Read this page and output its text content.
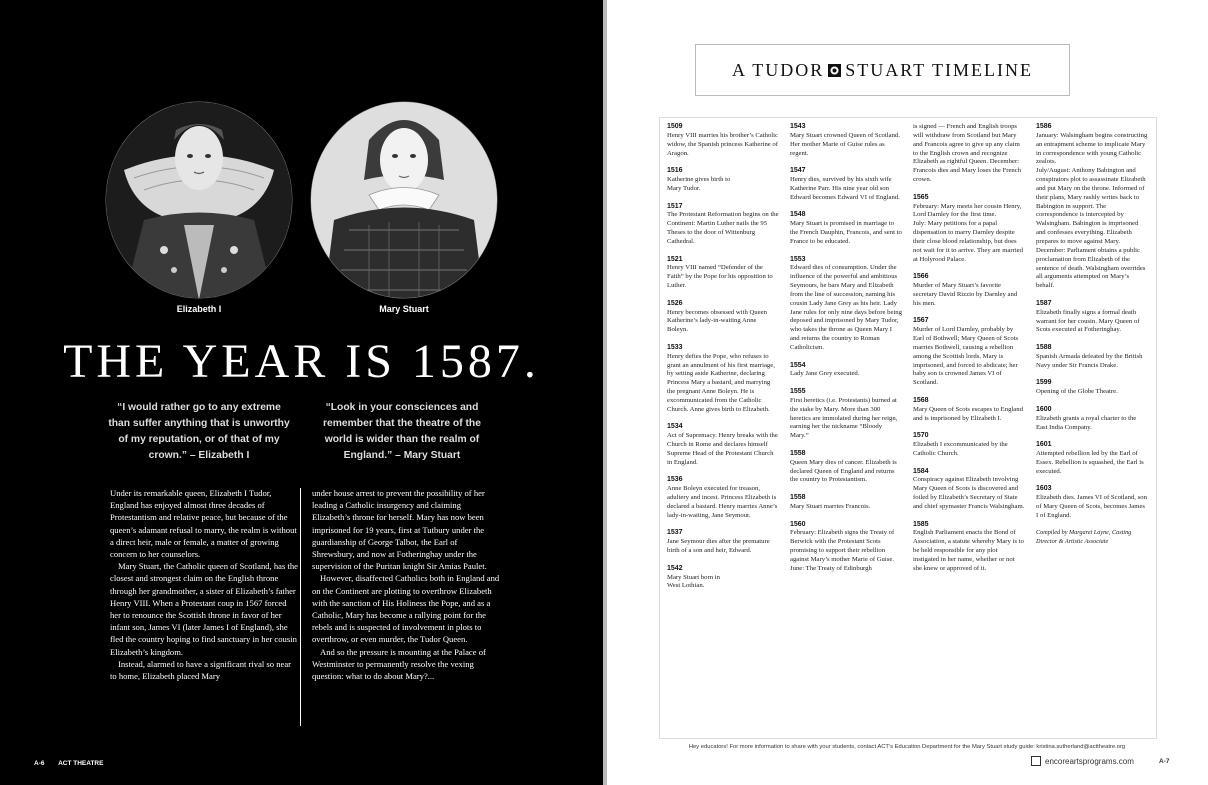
Elizabeth I	Mary Stuart
THE YEAR IS 1587.
“I would rather go to any extreme than suffer anything that is unworthy of my reputation, or of that of my crown.” – Elizabeth I
“Look in your consciences and remember that the theatre of the world is wider than the realm of England.” – Mary Stuart

Under its remarkable queen, Elizabeth I Tudor, England has enjoyed almost three decades of Protestantism and relative peace, but because of the queen’s adamant refusal to marry, the realm is without a direct heir, male or female, a matter of growing concern to her counselors.

Mary Stuart, the Catholic queen of Scotland, has the closest and strongest claim on the English throne through her grandmother, a sister of Elizabeth’s father Henry VIII. When a Protestant coup in 1567 forced her to renounce the Scottish throne in favor of her infant son, James VI (later James I of England), she fled the country hoping to find sanctuary in her cousin Elizabeth’s kingdom.

Instead, alarmed to have a significant rival so near to home, Elizabeth placed Mary

under house arrest to prevent the possibility of her leading a Catholic insurgency and claiming Elizabeth’s throne for herself. Mary has now been imprisoned for 19 years, first at Tutbury under the guardianship of George Talbot, the Earl of Shrewsbury, and now at Fotheringhay under the supervision of the Puritan knight Sir Amias Paulet.

However, disaffected Catholics both in England and on the Continent are plotting to overthrow Elizabeth with the sanction of His Holiness the Pope, and as a Catholic, Mary has become a rallying point for the rebels and is suspected of involvement in plots to overthrow, or even murder, the Tudor Queen.

And so the pressure is mounting at the Palace of Westminster to permanently resolve the vexing question: what to do about Mary?...

A-6 ACT THEATRE
A TUDOR STUART TIMELINE
1509
Henry VIII marries his brother’s Catholic widow, the Spanish princess Katherine of Aragon.
1516
Katherine gives birth to
Mary Tudor.
1517
The Protestant Reformation begins on the Continent: Martin Luther nails the 95 Theses to the door of Wittenburg Cathedral.
1521
Henry VIII named “Defender of the Faith” by the Pope for his opposition to Luther.
1526
Henry becomes obsessed with Queen Katherine’s lady-in-waiting Anne Boleyn.
1533
Henry defies the Pope, who refuses to grant an annulment of his first marriage, by setting aside Katherine, declaring Princess Mary a bastard, and marrying the pregnant Anne Boleyn. He is excommunicated from the Catholic Church. Anne gives birth to Elizabeth.
1534
Act of Supremacy. Henry breaks with the Church in Rome and declares himself Supreme Head of the Protestant Church in England.
1536
Anne Boleyn executed for treason, adultery and incest. Princess Elizabeth is declared a bastard. Henry marries Anne’s lady-in-waiting, Jane Seymour.
1537
Jane Seymour dies after the premature birth of a son and heir, Edward.
1542
Mary Stuart born in
West Lothian.
1543
Mary Stuart crowned Queen of Scotland. Her mother Marie of Guise rules as regent.
1547
Henry dies, survived by his sixth wife Katherine Parr. His nine year old son Edward becomes Edward VI of England.
1548
Mary Stuart is promised in marriage to the French Dauphin, Francois, and sent to France to be educated.
1553
Edward dies of consumption. Under the influence of the powerful and ambitious Seymours, he bars Mary and Elizabeth from the line of succession, naming his cousin Lady Jane Grey as his heir. Lady Jane rules for only nine days before being deposed and imprisoned by Mary Tudor, who takes the throne as Queen Mary I and returns the country to Roman Catholicism.
1554
Lady Jane Grey executed.
1555
First heretics (i.e. Protestants) burned at the stake by Mary. More than 300 heretics are immolated during her reign, earning her the nickname “Bloody Mary.”
1558
Queen Mary dies of cancer. Elizabeth is declared Queen of England and returns the country to Protestantism.
1558
Mary Stuart marries Francois.
1560
February: Elizabeth signs the Treaty of Berwick with the Protestant Scots promising to support their rebellion against Mary’s mother Marie of Guise. June: The Treaty of Edinburgh
is signed — French and English troops will withdraw from Scotland but Mary and Francois agree to give up any claim to the English crown and recognize Elizabeth as rightful Queen. December: Francois dies and Mary loses the French crown.
1565
February: Mary meets her cousin Henry, Lord Darnley for the first time.
July: Mary petitions for a papal dispensation to marry Darnley despite their close blood relationship, but does not wait for it to arrive. They are married at Holyrood Palace.
1566
Murder of Mary Stuart’s favorite secretary David Rizzio by Darnley and his men.
1567
Murder of Lord Darnley, probably by Earl of Bothwell; Mary Queen of Scots marries Bothwell, causing a rebellion among the Scottish lords. Mary is imprisoned, and forced to abdicate; her baby son is crowned James VI of Scotland.
1568
Mary Queen of Scots escapes to England and is imprisoned by Elizabeth I.
1570
Elizabeth I excommunicated by the Catholic Church.
1584
Conspiracy against Elizabeth involving Mary Queen of Scots is discovered and foiled by Elizabeth’s Secretary of State and chief spymaster Francis Walsingham.
1585
English Parliament enacts the Bond of Association, a statute whereby Mary is to be held responsible for any plot instigated in her name, whether or not she knew or approved of it.
1586
January: Walsingham begins constructing an entrapment scheme to implicate Mary in correspondence with young Catholic zealots.
July/August: Anthony Babington and conspirators plot to assassinate Elizabeth and put Mary on the throne. Informed of their plans, Mary rashly writes back to Babington in support. The correspondence is intercepted by Walsingham. Babington is imprisoned and confesses everything. Elizabeth prepares to move against Mary. December: Parliament obtains a public proclamation from Elizabeth of the sentence of death. Walsingham overrides all arguments attempted on Mary’s behalf.
1587
Elizabeth finally signs a formal death warrant for her cousin. Mary Queen of Scots executed at Fotheringhay.
1588
Spanish Armada defeated by the British Navy under Sir Francis Drake.
1599
Opening of the Globe Theatre.
1600
Elizabeth grants a royal charter to the East India Company.
1601
Attempted rebellion led by the Earl of Essex. Rebellion is squashed, the Earl is executed.
1603
Elizabeth dies. James VI of Scotland, son of Mary Queen of Scots, becomes James I of England.
Compiled by Margaret Layne, Casting Director & Artistic Associate
Hey educators! For more information to share with your students, contact ACT’s Education Department for the Mary Stuart study guide: kristina.sutherland@acttheatre.org
encoreartsprograms.com	A-7
